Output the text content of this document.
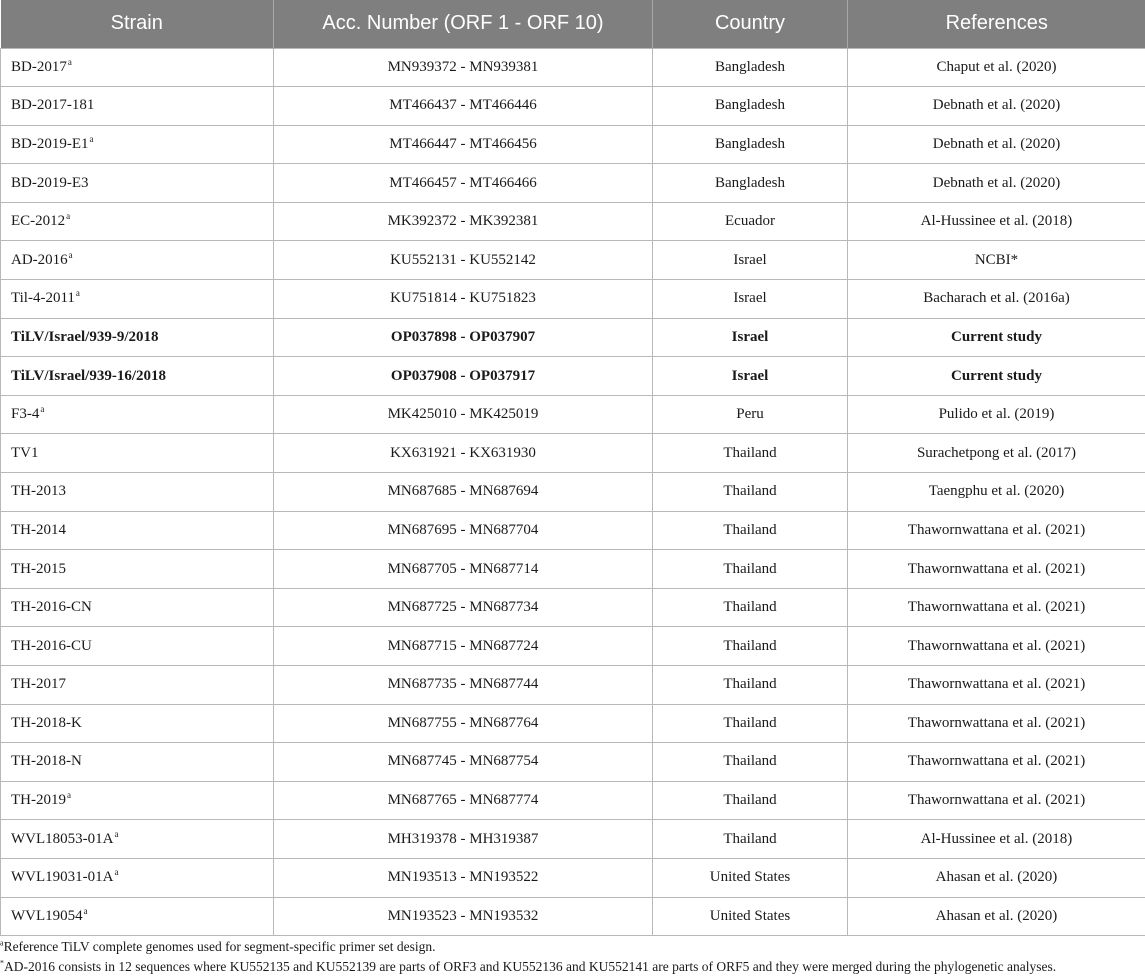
Strain	Acc. Number (ORF 1 - ORF 10)	Country	References
BD-2017$^a$	MN939372 - MN939381	Bangladesh	Chaput et al. (2020)
BD-2017-181	MT466437 - MT466446	Bangladesh	Debnath et al. (2020)
BD-2019-E1$^a$	MT466447 - MT466456	Bangladesh	Debnath et al. (2020)
BD-2019-E3	MT466457 - MT466466	Bangladesh	Debnath et al. (2020)
EC-2012$^a$	MK392372 - MK392381	Ecuador	Al-Hussinee et al. (2018)
AD-2016$^a$	KU552131 - KU552142	Israel	NCBI*
Til-4-2011$^a$	KU751814 - KU751823	Israel	Bacharach et al. (2016a)
TiLV/Israel/939-9/2018	OP037898 - OP037907	Israel	Current study
TiLV/Israel/939-16/2018	OP037908 - OP037917	Israel	Current study
F3-4$^a$	MK425010 - MK425019	Peru	Pulido et al. (2019)
TV1	KX631921 - KX631930	Thailand	Surachetpong et al. (2017)
TH-2013	MN687685 - MN687694	Thailand	Taengphu et al. (2020)
TH-2014	MN687695 - MN687704	Thailand	Thawornwattana et al. (2021)
TH-2015	MN687705 - MN687714	Thailand	Thawornwattana et al. (2021)
TH-2016-CN	MN687725 - MN687734	Thailand	Thawornwattana et al. (2021)
TH-2016-CU	MN687715 - MN687724	Thailand	Thawornwattana et al. (2021)
TH-2017	MN687735 - MN687744	Thailand	Thawornwattana et al. (2021)
TH-2018-K	MN687755 - MN687764	Thailand	Thawornwattana et al. (2021)
TH-2018-N	MN687745 - MN687754	Thailand	Thawornwattana et al. (2021)
TH-2019$^a$	MN687765 - MN687774	Thailand	Thawornwattana et al. (2021)
$WVL18053-01A^a$	MH319378 - MH319387	Thailand	Al-Hussinee et al. (2018)
$WVL19031-01A^a$	MN193513 - MN193522	United States	Ahasan et al. (2020)
WVL19054$^a$	MN193523 - MN193532	United States	Ahasan et al. (2020)

$^a$Reference TiLV complete genomes used for segment-specific primer set design.

*AD-2016 consists in 12 sequences where KU552135 and KU552139 are parts of ORF3 and KU552136 and KU552141 are parts of ORF5 and they were merged during the phylogenetic analyses.
